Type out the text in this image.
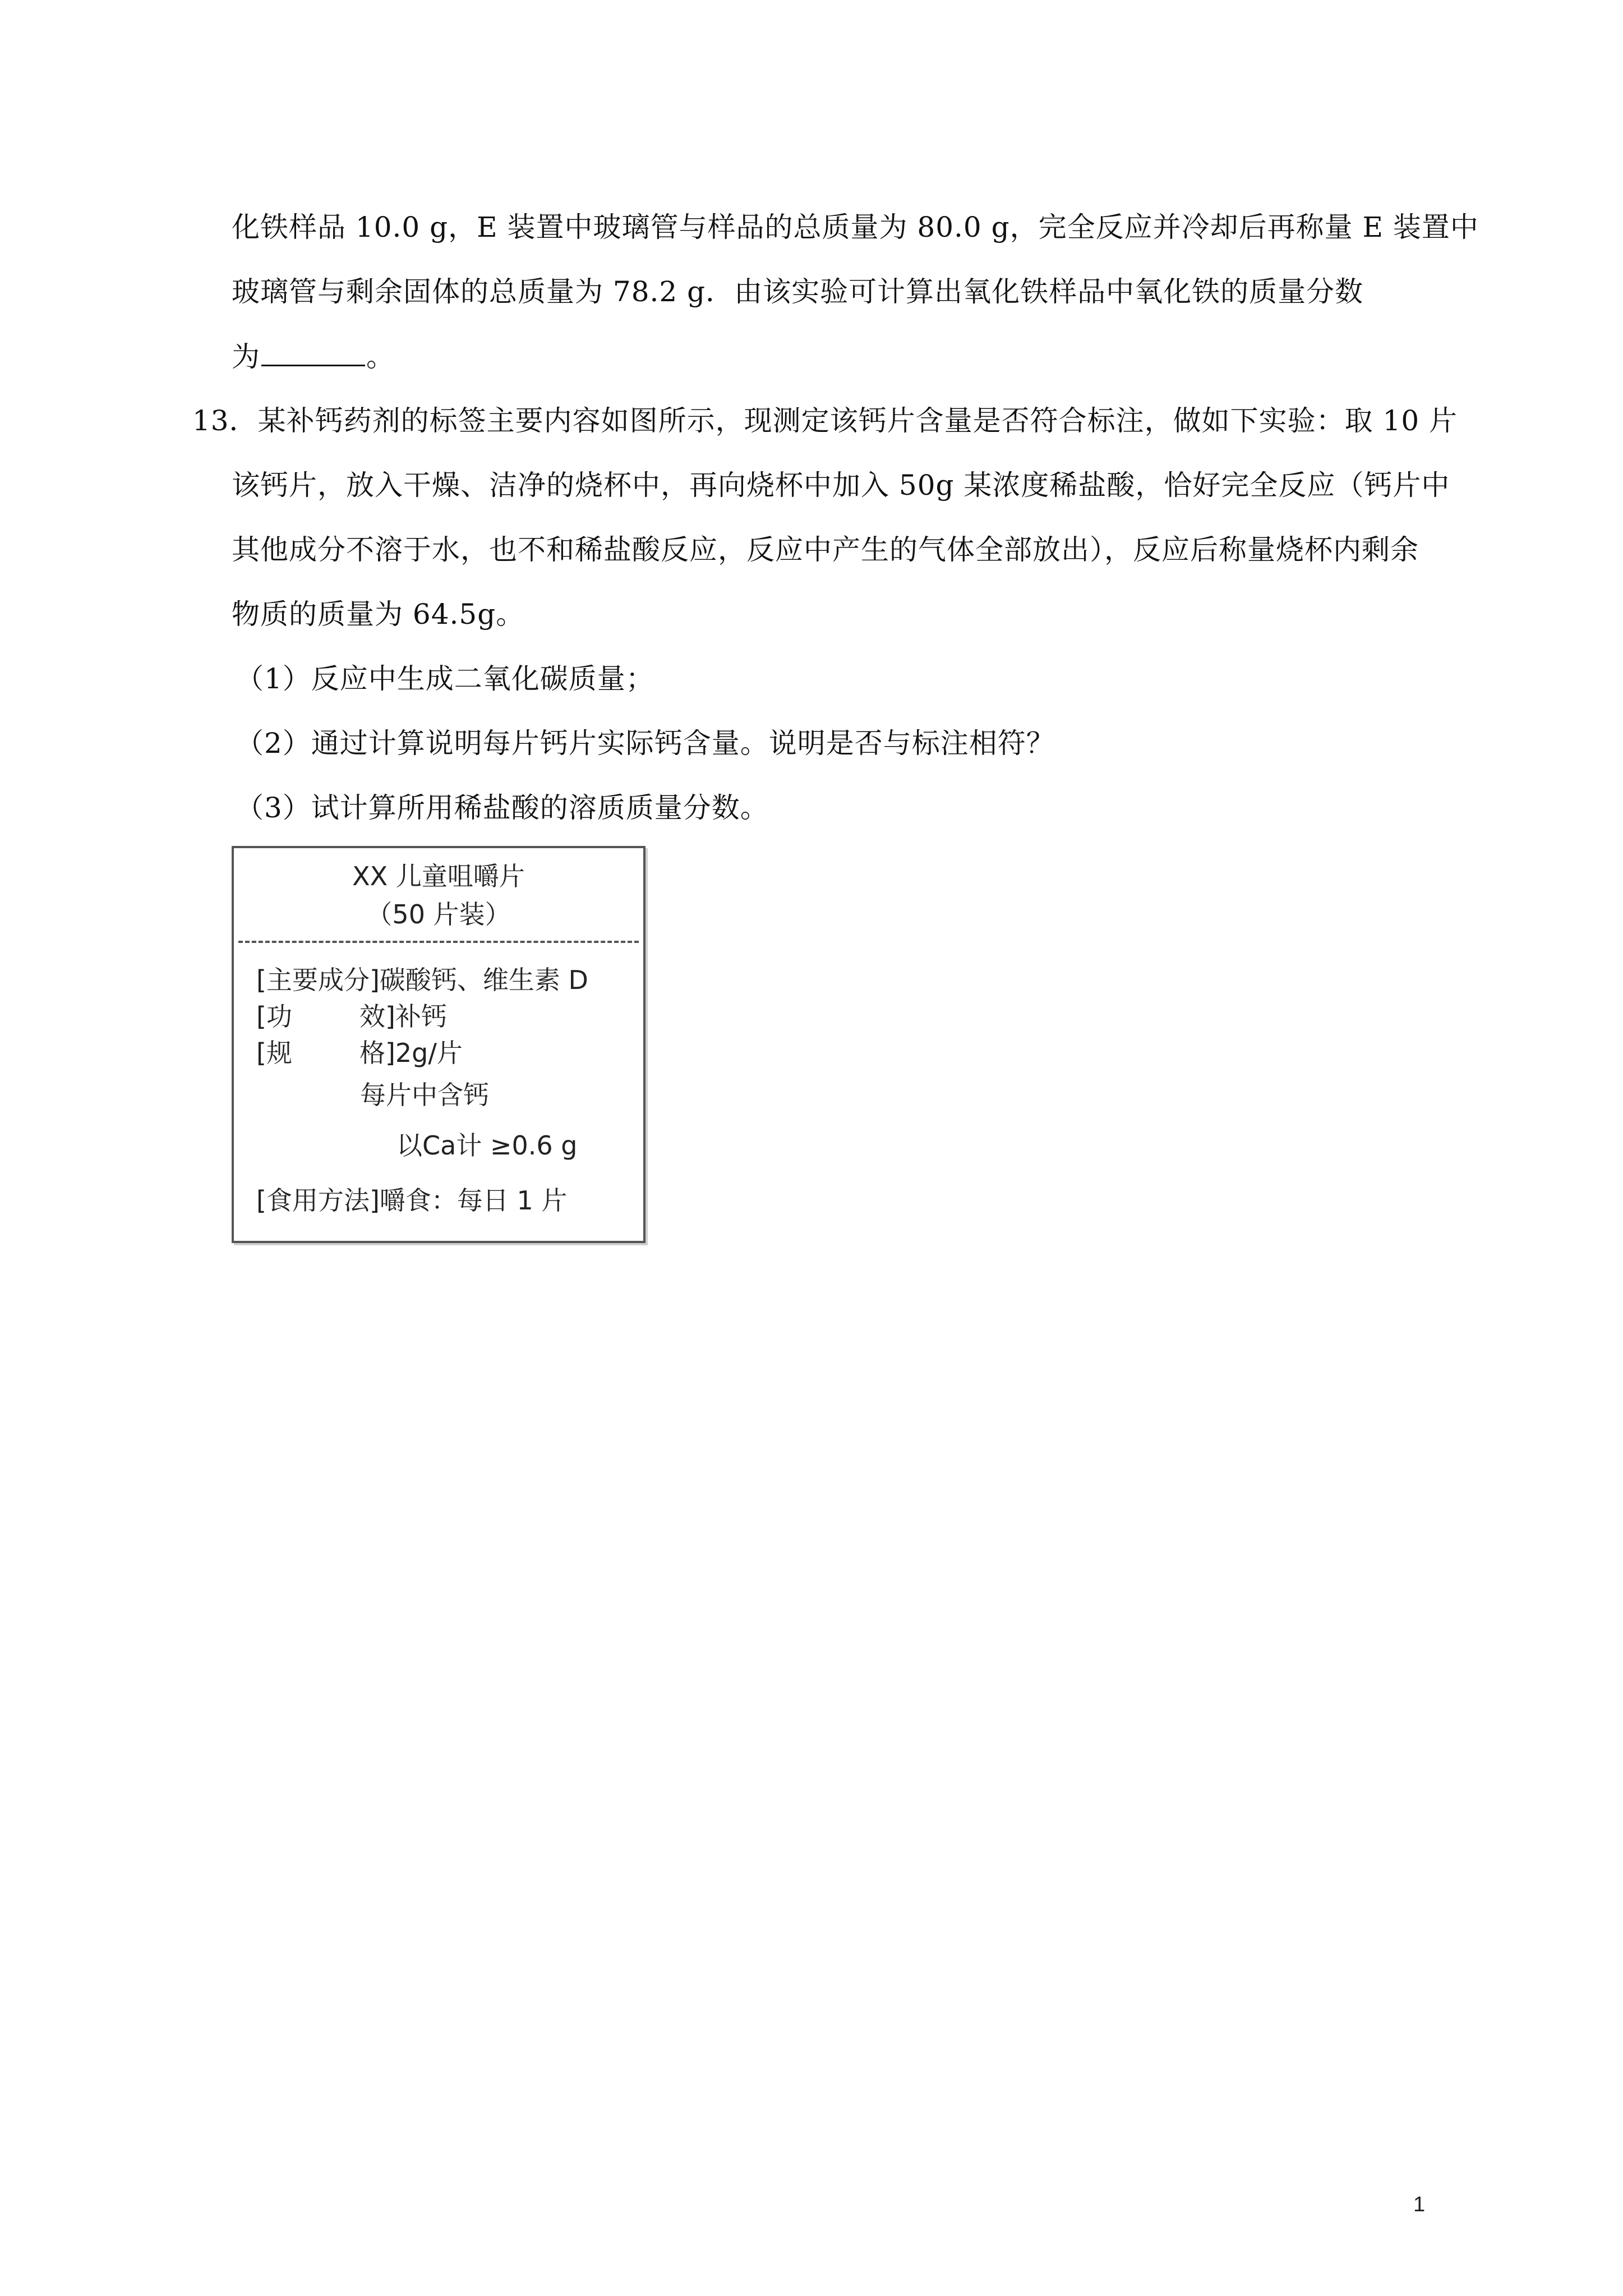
化铁样品 10.0 g，E 装置中玻璃管与样品的总质量为 80.0 g，完全反应并冷却后再称量 E 装置中
玻璃管与剩余固体的总质量为 78.2 g．由该实验可计算出氧化铁样品中氧化铁的质量分数
为	。
13．某补钙药剂的标签主要内容如图所示，现测定该钙片含量是否符合标注，做如下实验：取 10 片
该钙片，放入干燥、洁净的烧杯中，再向烧杯中加入 50g 某浓度稀盐酸，恰好完全反应（钙片中
其他成分不溶于水，也不和稀盐酸反应，反应中产生的气体全部放出），反应后称量烧杯内剩余
物质的质量为 64.5g。
（1）反应中生成二氧化碳质量；
（2）通过计算说明每片钙片实际钙含量。说明是否与标注相符？
（3）试计算所用稀盐酸的溶质质量分数。
XX 儿童咀嚼片
（50 片装）
[主要成分]碳酸钙、维生素 D
[功	效]补钙
[规	格]2g/片
每片中含钙
以Ca计 ≥0.6 g
[食用方法]嚼食：每日 1 片
1
